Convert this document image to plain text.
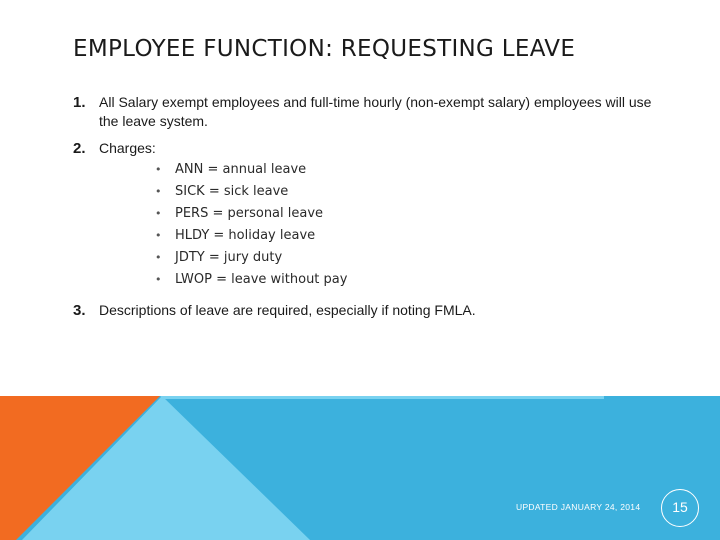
EMPLOYEE FUNCTION: REQUESTING LEAVE
1. All Salary exempt employees and full-time hourly (non-exempt salary) employees will use the leave system.
2. Charges:
• ANN = annual leave
• SICK = sick leave
• PERS = personal leave
• HLDY = holiday leave
• JDTY = jury duty
• LWOP = leave without pay
3. Descriptions of leave are required, especially if noting FMLA.
UPDATED JANUARY 24, 2014	15
